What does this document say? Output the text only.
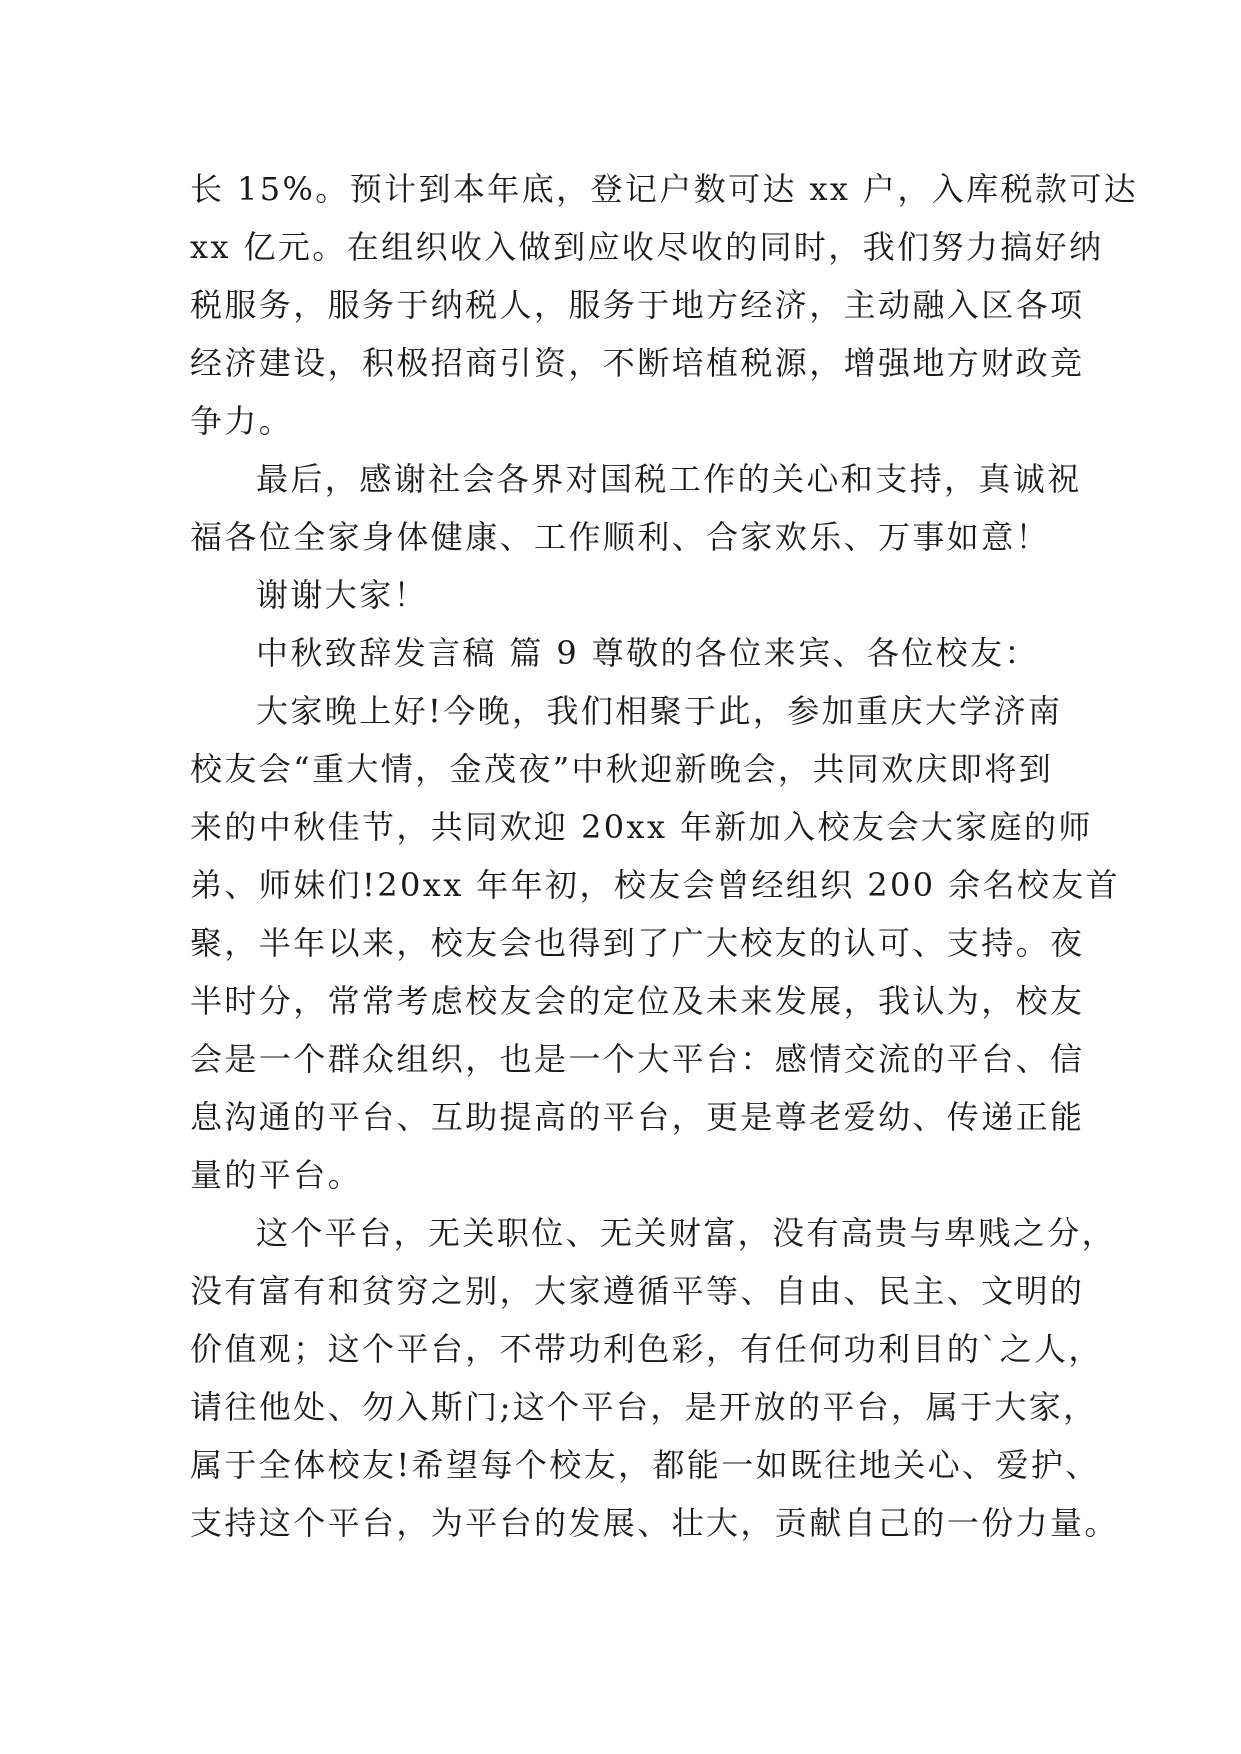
长 15%。预计到本年底，登记户数可达 xx 户，入库税款可达
xx 亿元。在组织收入做到应收尽收的同时，我们努力搞好纳
税服务，服务于纳税人，服务于地方经济，主动融入区各项
经济建设，积极招商引资，不断培植税源，增强地方财政竞
争力。
最后，感谢社会各界对国税工作的关心和支持，真诚祝
福各位全家身体健康、工作顺利、合家欢乐、万事如意！
谢谢大家！
中秋致辞发言稿 篇 9 尊敬的各位来宾、各位校友：
大家晚上好!今晚，我们相聚于此，参加重庆大学济南
校友会“重大情，金茂夜”中秋迎新晚会，共同欢庆即将到
来的中秋佳节，共同欢迎 20xx 年新加入校友会大家庭的师
弟、师妹们!20xx 年年初，校友会曾经组织 200 余名校友首
聚，半年以来，校友会也得到了广大校友的认可、支持。夜
半时分，常常考虑校友会的定位及未来发展，我认为，校友
会是一个群众组织，也是一个大平台：感情交流的平台、信
息沟通的平台、互助提高的平台，更是尊老爱幼、传递正能
量的平台。
这个平台，无关职位、无关财富，没有高贵与卑贱之分，
没有富有和贫穷之别，大家遵循平等、自由、民主、文明的
价值观；这个平台，不带功利色彩，有任何功利目的`之人，
请往他处、勿入斯门;这个平台，是开放的平台，属于大家，
属于全体校友!希望每个校友，都能一如既往地关心、爱护、
支持这个平台，为平台的发展、壮大，贡献自己的一份力量。
